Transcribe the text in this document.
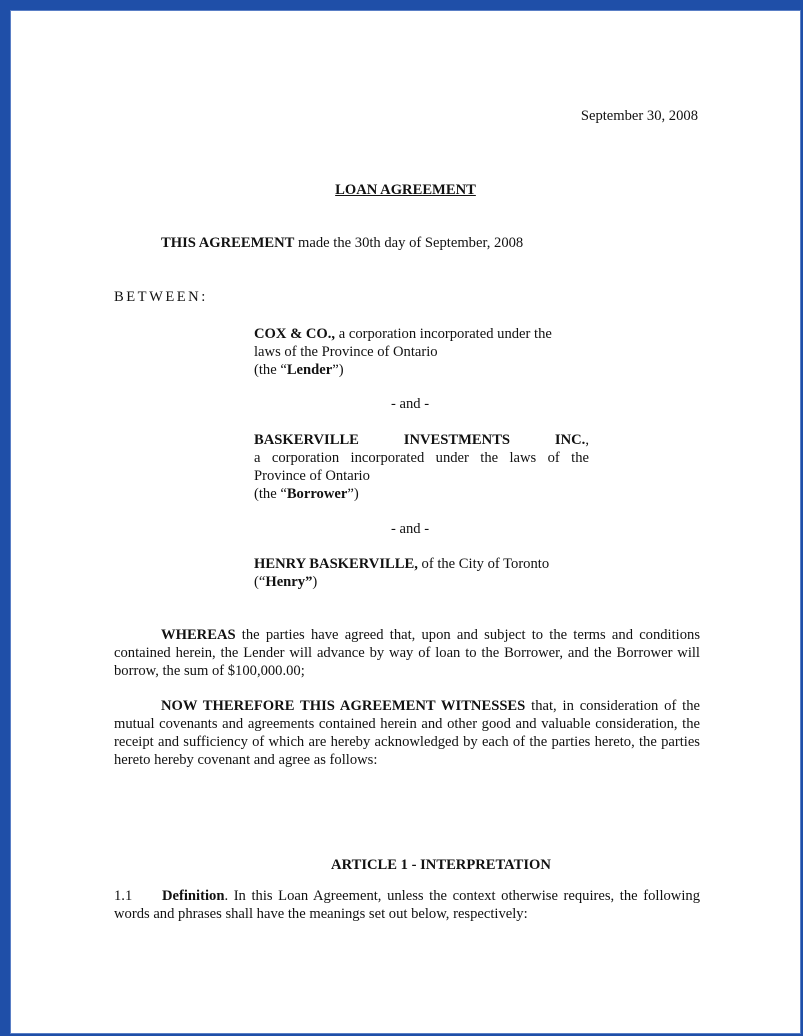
September 30, 2008
LOAN AGREEMENT
THIS AGREEMENT made the 30th day of September, 2008
BETWEEN:
COX & CO., a corporation incorporated under the
laws of the Province of Ontario
(the “Lender”)
- and -
BASKERVILLE INVESTMENTS INC., a corporation incorporated under the laws of the Province of Ontario
(the “Borrower”)
- and -
HENRY BASKERVILLE, of the City of Toronto
(“Henry”)
WHEREAS the parties have agreed that, upon and subject to the terms and conditions contained herein, the Lender will advance by way of loan to the Borrower, and the Borrower will borrow, the sum of $100,000.00;
NOW THEREFORE THIS AGREEMENT WITNESSES that, in consideration of the mutual covenants and agreements contained herein and other good and valuable consideration, the receipt and sufficiency of which are hereby acknowledged by each of the parties hereto, the parties hereto hereby covenant and agree as follows:
ARTICLE 1 - INTERPRETATION
1.1 Definition. In this Loan Agreement, unless the context otherwise requires, the following words and phrases shall have the meanings set out below, respectively:
